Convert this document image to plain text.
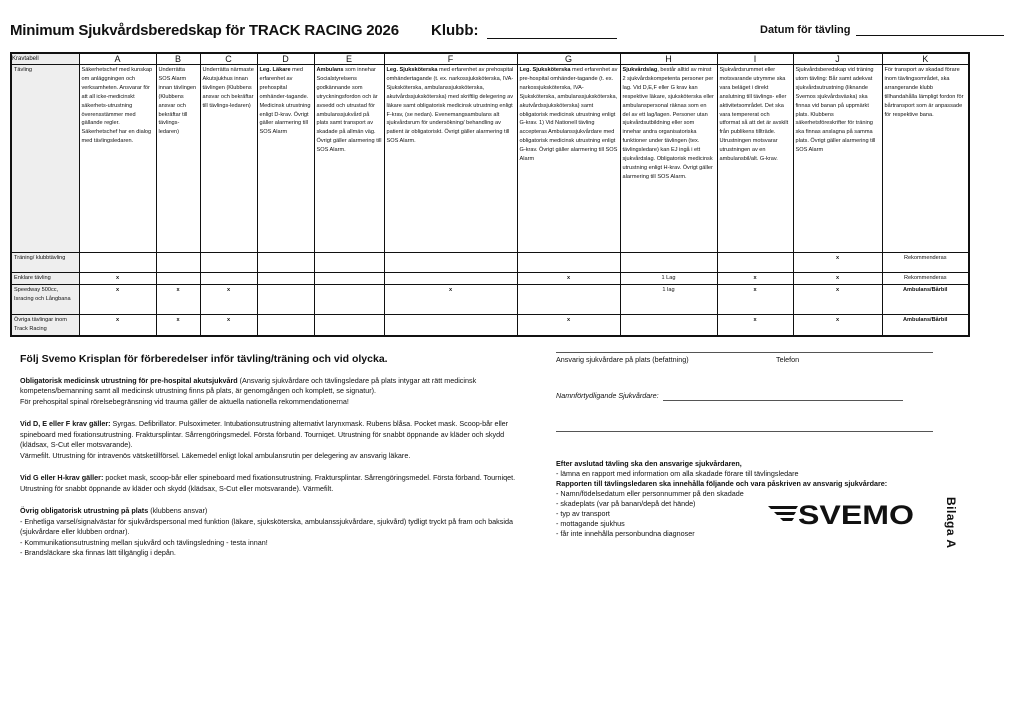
Minimum Sjukvårdsberedskap för TRACK RACING 2026 Klubb:	Datum för tävling
Kravtabell	A	B	C	D	E	F	G	H	I	J	K
Tävling	Säkerhetschef med kunskap om anläggningen och verksamheten. Ansvarar för att all icke-medicinskt säkerhets-utrustning överensstämmer med gällande regler. Säkerhetschef har en dialog med tävlingsledaren.	Underrätta SOS Alarm innan tävlingen (Klubbens ansvar och bekräftar till tävlings-ledaren)	Underrätta närmaste Akutsjukhus innan tävlingen (Klubbens ansvar och bekräftar till tävlings-ledaren)	Leg. Läkare med erfarenhet av prehospital omhänder-tagande. Medicinsk utrustning enligt D-krav. Övrigt gäller alarmering till SOS Alarm	Ambulans som innehar Socialstyrelsens godkännande som utryckningsfordon och är avsedd och utrustad för ambulanssjukvård på plats samt transport av skadade på allmän väg. Övrigt gäller alarmering till SOS Alarm.	Leg. Sjuksköterska med erfarenhet av prehospital omhändertagande (t. ex. narkossjuksköterska, IVA-Sjuksköterska, ambulanssjuksköterska, akutvårdssjuksköterska) med skriftlig delegering av läkare samt obligatorisk medicinsk utrustning enligt F-krav, (se nedan). Evenemangsambulans alt sjukvårdsrum för undersökning/ behandling av patient är obligatoriskt. Övrigt gäller alarmering till SOS Alarm.	Leg. Sjuksköterska med erfarenhet av pre-hospital omhänder-tagande (t. ex. narkossjuksköterska, IVA-Sjuksköterska, ambulanssjuksköterska, akutvårdssjuksköterska) samt obligatorisk medicinsk utrustning enligt G-krav. 1) Vid Nationell tävling accepteras Ambulanssjukvårdare med obligatorisk medicinsk utrustning enligt G-krav. Övrigt gäller alarmering till SOS Alarm	Sjukvårdslag, består alltid av minst 2 sjukvårdskompetenta personer per lag. Vid D,E,F eller G krav kan respektive läkare, sjuksköterska eller ambulanspersonal räknas som en del av ett lag/lagen. Personer utan sjukvårdsutbildning eller som innehar andra organisatoriska funktioner under tävlingen (tex. tävlingsledare) kan EJ ingå i ett sjukvårdslag. Obligatorisk medicinsk utrustning enligt H-krav. Övrigt gäller alarmering till SOS Alarm.	Sjukvårdsrummet eller motsvarande utrymme ska vara beläget i direkt anslutning till tävlings- eller aktivitetsområdet. Det ska vara tempererat och utformat så att det är avskilt från publikens tillträde. Utrustningen motsvarar utrustningen av en ambulansbil/alt. G-krav.	Sjukvårdsberedskap vid träning utom tävling: Bår samt adekvat sjukvårdsutrustning (liknande Svemos sjukvårdsväska) ska finnas vid banan på uppmärkt plats. Klubbens säkerhetsföreskrifter för träning ska finnas anslagna på samma plats. Övrigt gäller alarmering till SOS Alarm	För transport av skadad förare inom tävlingsområdet, ska arrangerande klubb tillhandahålla lämpligt fordon för bårtransport som är anpassade för respektive bana.
Träning/ klubbtävling										x	Rekommenderas
Enklare tävling	x						x	1 Lag	x	x	Rekommenderas
Speedway 500cc, Isracing och Långbana	x	x	x			x		1 lag	x	x	Ambulans/Bårbil
Övriga tävlingar inom Track Racing	x	x	x				x		x	x	Ambulans/Bårbil
Följ Svemo Krisplan för förberedelser inför tävling/träning och vid olycka.

Obligatorisk medicinsk utrustning för pre-hospital akutsjukvård (Ansvarig sjukvårdare och tävlingsledare på plats intygar att rätt medicinsk kompetens/bemanning samt all medicinsk utrustning finns på plats, är genomgången och komplett, se signatur).
För prehospital spinal rörelsebegränsning vid trauma gäller de aktuella nationella rekommendationerna!

Vid D, E eller F krav gäller: Syrgas. Defibrillator. Pulsoximeter. Intubationsutrustning alternativt larynxmask. Rubens blåsa. Pocket mask. Scoop-bår eller spineboard med fixationsutrustning. Fraktursplintar. Sårrengöringsmedel. Första förband. Tourniqet. Utrustning för snabbt öppnande av kläder och skydd (klädsax, S-Cut eller motsvarande).
Värmefilt. Utrustning för intravenös vätsketillförsel. Läkemedel enligt lokal ambulansrutin per delegering av ansvarig läkare.

Vid G eller H-krav gäller: pocket mask, scoop-bår eller spineboard med fixationsutrustning. Fraktursplintar. Sårrengöringsmedel. Första förband. Tourniqet. Utrustning för snabbt öppnande av kläder och skydd (klädsax, S-Cut eller motsvarande). Värmefilt.

Övrig obligatorisk utrustning på plats (klubbens ansvar)
- Enhetliga varsel/signalvästar för sjukvårdspersonal med funktion (läkare, sjuksköterska, ambulanssjukvårdare, sjukvård) tydligt tryckt på fram och baksida (sjukvårdare eller klubben ordnar).
- Kommunikationsutrustning mellan sjukvård och tävlingsledning - testa innan!
- Brandsläckare ska finnas lätt tillgänglig i depån.

Ansvarig sjukvårdare på plats (befattning)	Telefon
Namnförtydligande Sjukvårdare:
Efter avslutad tävling ska den ansvarige sjukvårdaren,
- lämna en rapport med information om alla skadade förare till tävlingsledare
Rapporten till tävlingsledaren ska innehålla följande och vara påskriven av ansvarig sjukvårdare:
- Namn/födelsedatum eller personnummer på den skadade
- skadeplats (var på banan/depå det hände)
- typ av transport
- mottagande sjukhus
- får inte innehålla personbundna diagnoser
SVEMO	Bilaga A
